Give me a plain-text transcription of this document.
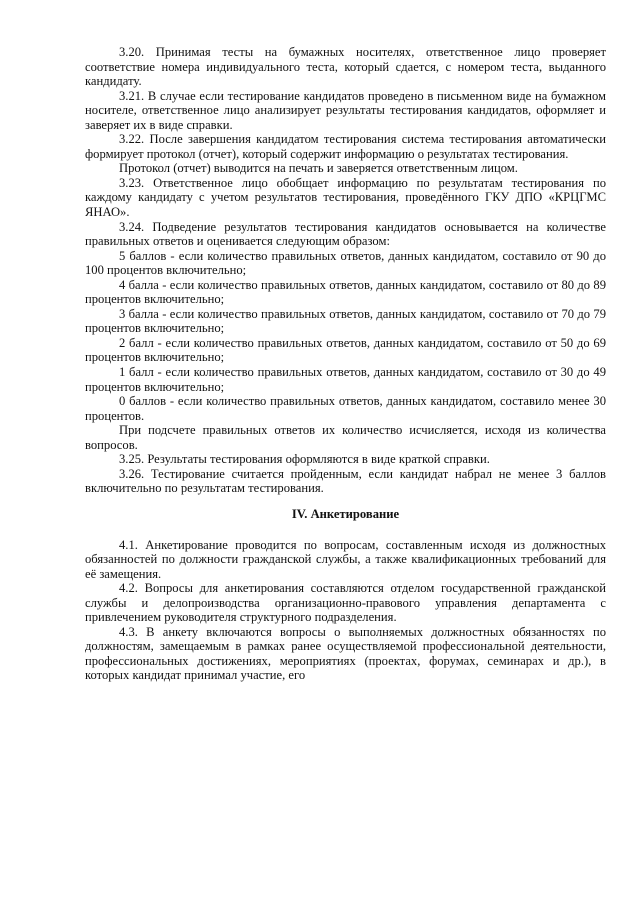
3.20. Принимая тесты на бумажных носителях, ответственное лицо проверяет соответствие номера индивидуального теста, который сдается, с номером теста, выданного кандидату.

3.21. В случае если тестирование кандидатов проведено в письменном виде на бумажном носителе, ответственное лицо анализирует результаты тестирования кандидатов, оформляет и заверяет их в виде справки.

3.22. После завершения кандидатом тестирования система тестирования автоматически формирует протокол (отчет), который содержит информацию о результатах тестирования.

Протокол (отчет) выводится на печать и заверяется ответственным лицом.

3.23. Ответственное лицо обобщает информацию по результатам тестирования по каждому кандидату с учетом результатов тестирования, проведённого ГКУ ДПО «КРЦГМС ЯНАО».

3.24. Подведение результатов тестирования кандидатов основывается на количестве правильных ответов и оценивается следующим образом:

5 баллов - если количество правильных ответов, данных кандидатом, составило от 90 до 100 процентов включительно;

4 балла - если количество правильных ответов, данных кандидатом, составило от 80 до 89 процентов включительно;

3 балла - если количество правильных ответов, данных кандидатом, составило от 70 до 79 процентов включительно;

2 балл - если количество правильных ответов, данных кандидатом, составило от 50 до 69 процентов включительно;

1 балл - если количество правильных ответов, данных кандидатом, составило от 30 до 49 процентов включительно;

0 баллов - если количество правильных ответов, данных кандидатом, составило менее 30 процентов.

При подсчете правильных ответов их количество исчисляется, исходя из количества вопросов.

3.25. Результаты тестирования оформляются в виде краткой справки.

3.26. Тестирование считается пройденным, если кандидат набрал не менее 3 баллов включительно по результатам тестирования.

IV. Анкетирование

4.1. Анкетирование проводится по вопросам, составленным исходя из должностных обязанностей по должности гражданской службы, а также квалификационных требований для её замещения.

4.2. Вопросы для анкетирования составляются отделом государственной гражданской службы и делопроизводства организационно-правового управления департамента с привлечением руководителя структурного подразделения.

4.3. В анкету включаются вопросы о выполняемых должностных обязанностях по должностям, замещаемым в рамках ранее осуществляемой профессиональной деятельности, профессиональных достижениях, мероприятиях (проектах, форумах, семинарах и др.), в которых кандидат принимал участие, его
